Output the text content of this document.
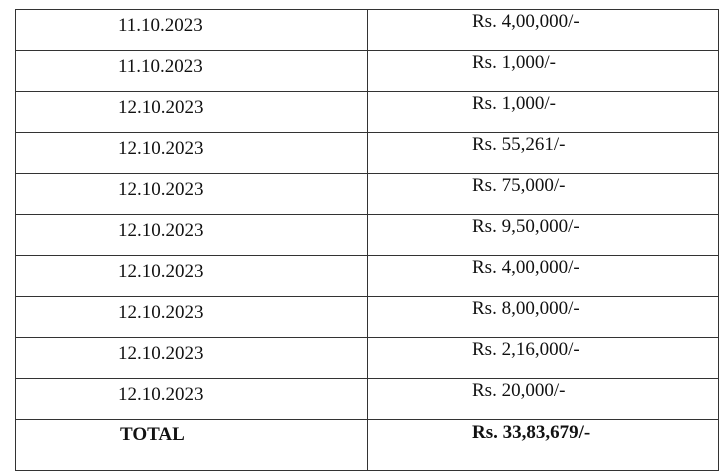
11.10.2023	Rs. 4,00,000/-
11.10.2023	Rs. 1,000/-
12.10.2023	Rs. 1,000/-
12.10.2023	Rs. 55,261/-
12.10.2023	Rs. 75,000/-
12.10.2023	Rs. 9,50,000/-
12.10.2023	Rs. 4,00,000/-
12.10.2023	Rs. 8,00,000/-
12.10.2023	Rs. 2,16,000/-
12.10.2023	Rs. 20,000/-
TOTAL	Rs. 33,83,679/-
